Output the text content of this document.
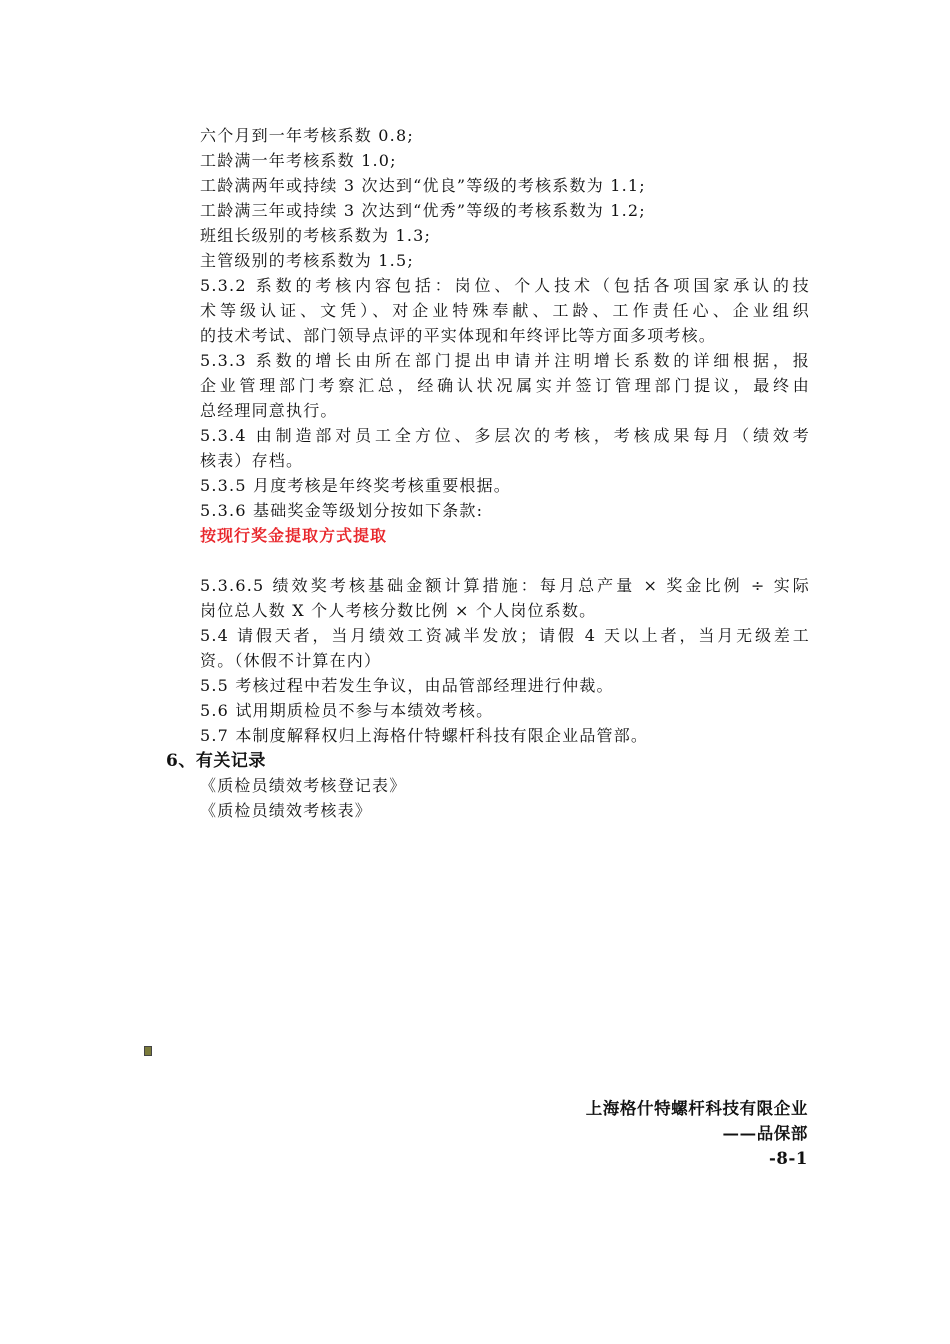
六个月到一年考核系数 0.8;
工龄满一年考核系数 1.0;
工龄满两年或持续 3 次达到“优良”等级的考核系数为 1.1;
工龄满三年或持续 3 次达到“优秀”等级的考核系数为 1.2;
班组长级别的考核系数为 1.3;
主管级别的考核系数为 1.5;
5.3.2 系数的考核内容包括：岗位、个人技术（包括各项国家承认的技
术等级认证、文凭）、对企业特殊奉献、工龄、工作责任心、企业组织
的技术考试、部门领导点评的平实体现和年终评比等方面多项考核。
5.3.3 系数的增长由所在部门提出申请并注明增长系数的详细根据，报
企业管理部门考察汇总，经确认状况属实并签订管理部门提议，最终由
总经理同意执行。
5.3.4 由制造部对员工全方位、多层次的考核，考核成果每月（绩效考
核表）存档。
5.3.5 月度考核是年终奖考核重要根据。
5.3.6 基础奖金等级划分按如下条款:
按现行奖金提取方式提取
5.3.6.5 绩效奖考核基础金额计算措施：每月总产量 × 奖金比例 ÷ 实际
岗位总人数 X 个人考核分数比例 × 个人岗位系数。
5.4 请假天者，当月绩效工资减半发放；请假 4 天以上者，当月无级差工
资。（休假不计算在内）
5.5 考核过程中若发生争议，由品管部经理进行仲裁。
5.6 试用期质检员不参与本绩效考核。
5.7 本制度解释权归上海格什特螺杆科技有限企业品管部。
6、有关记录
《质检员绩效考核登记表》
《质检员绩效考核表》
上海格什特螺杆科技有限企业
——品保部
-8-1
